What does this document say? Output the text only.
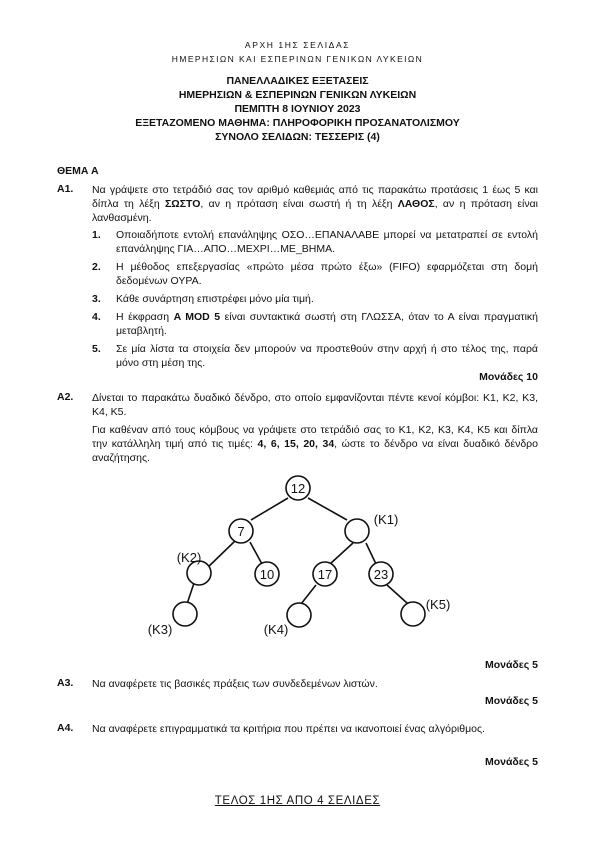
ΑΡΧΗ 1ΗΣ ΣΕΛΙΔΑΣ
ΗΜΕΡΗΣΙΩΝ ΚΑΙ ΕΣΠΕΡΙΝΩΝ ΓΕΝΙΚΩΝ ΛΥΚΕΙΩΝ
ΠΑΝΕΛΛΑΔΙΚΕΣ ΕΞΕΤΑΣΕΙΣ
ΗΜΕΡΗΣΙΩΝ & ΕΣΠΕΡΙΝΩΝ ΓΕΝΙΚΩΝ ΛΥΚΕΙΩΝ
ΠΕΜΠΤΗ 8 ΙΟΥΝΙΟΥ 2023
ΕΞΕΤΑΖΟΜΕΝΟ ΜΑΘΗΜΑ: ΠΛΗΡΟΦΟΡΙΚΗ ΠΡΟΣΑΝΑΤΟΛΙΣΜΟΥ
ΣΥΝΟΛΟ ΣΕΛΙΔΩΝ: ΤΕΣΣΕΡΙΣ (4)
ΘΕΜΑ Α
Α1. Να γράψετε στο τετράδιό σας τον αριθμό καθεμιάς από τις παρακάτω προτάσεις 1 έως 5 και δίπλα τη λέξη ΣΩΣΤΟ, αν η πρόταση είναι σωστή ή τη λέξη ΛΑΘΟΣ, αν η πρόταση είναι λανθασμένη.
1. Οποιαδήποτε εντολή επανάληψης ΟΣΟ…ΕΠΑΝΑΛΑΒΕ μπορεί να μετατραπεί σε εντολή επανάληψης ΓΙΑ…ΑΠΟ…ΜΕΧΡΙ…ΜΕ_ΒΗΜΑ.
2. Η μέθοδος επεξεργασίας «πρώτο μέσα πρώτο έξω» (FIFO) εφαρμόζεται στη δομή δεδομένων ΟΥΡΑ.
3. Κάθε συνάρτηση επιστρέφει μόνο μία τιμή.
4. Η έκφραση A MOD 5 είναι συντακτικά σωστή στη ΓΛΩΣΣΑ, όταν το Α είναι πραγματική μεταβλητή.
5. Σε μία λίστα τα στοιχεία δεν μπορούν να προστεθούν στην αρχή ή στο τέλος της, παρά μόνο στη μέση της.
Μονάδες 10
Α2. Δίνεται το παρακάτω δυαδικό δένδρο, στο οποίο εμφανίζονται πέντε κενοί κόμβοι: Κ1, Κ2, Κ3, Κ4, Κ5.
Για καθέναν από τους κόμβους να γράψετε στο τετράδιό σας το Κ1, Κ2, Κ3, Κ4, Κ5 και δίπλα την κατάλληλη τιμή από τις τιμές: 4, 6, 15, 20, 34, ώστε το δένδρο να είναι δυαδικό δένδρο αναζήτησης.
12
7
10	17	23
(Κ1)
(Κ2)
(Κ3)	(Κ4)
(Κ5)
Μονάδες 5
Α3. Να αναφέρετε τις βασικές πράξεις των συνδεδεμένων λιστών.
Μονάδες 5
Α4. Να αναφέρετε επιγραμματικά τα κριτήρια που πρέπει να ικανοποιεί ένας αλγόριθμος.
Μονάδες 5
ΤΕΛΟΣ 1ΗΣ ΑΠΟ 4 ΣΕΛΙΔΕΣ
